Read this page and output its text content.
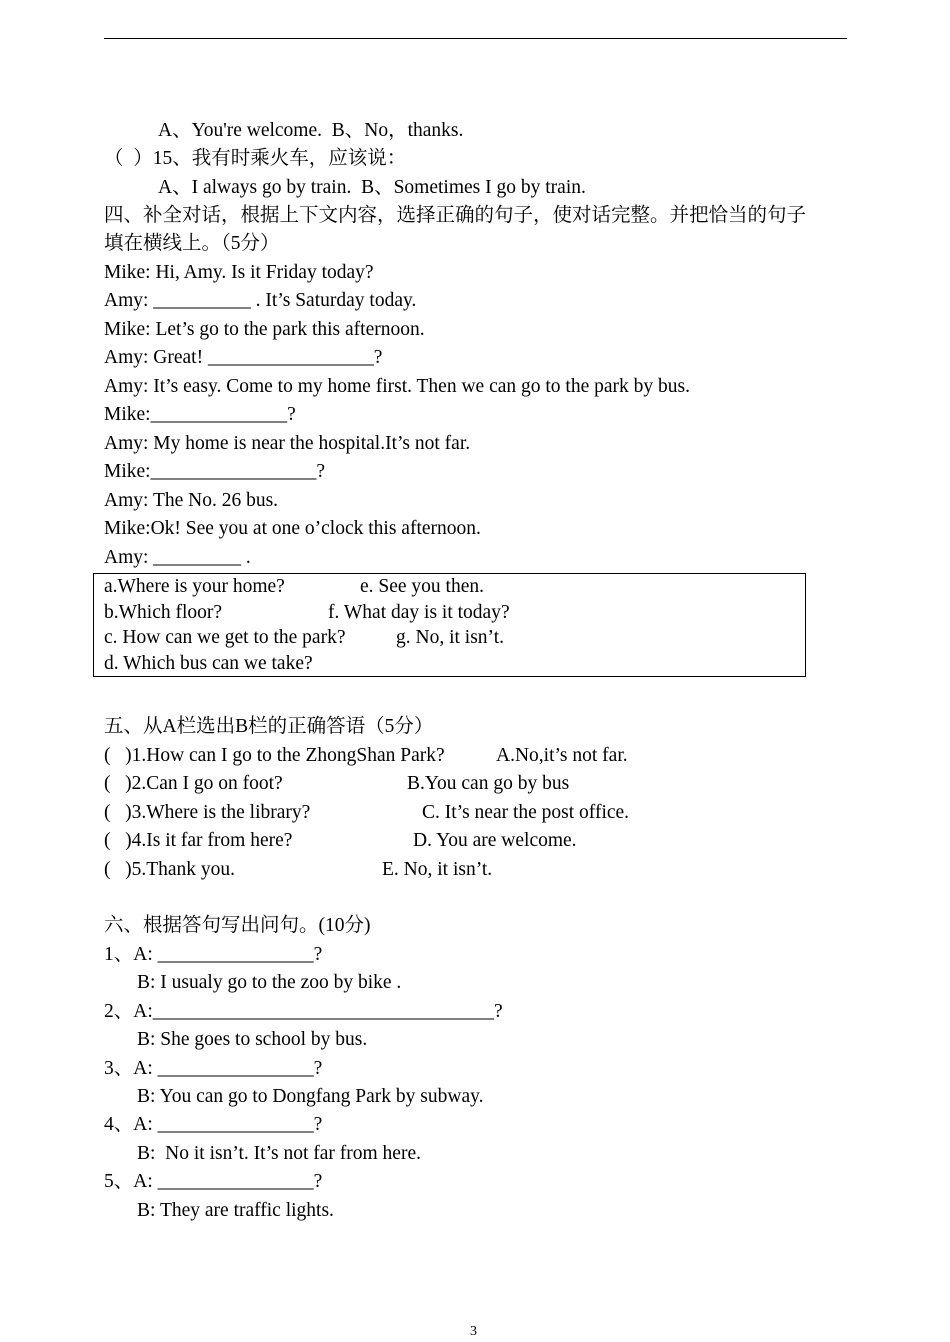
A、You're welcome.  B、No，thanks.
（  ）15、我有时乘火车，应该说：
A、I always go by train.  B、Sometimes I go by train.
四、补全对话，根据上下文内容，选择正确的句子，使对话完整。并把恰当的句子
填在横线上。（5分）
Mike: Hi, Amy. Is it Friday today?
Amy: __________ . It’s Saturday today.
Mike: Let’s go to the park this afternoon.
Amy: Great! _________________?
Amy: It’s easy. Come to my home first. Then we can go to the park by bus.
Mike:______________?
Amy: My home is near the hospital.It’s not far.
Mike:_________________?
Amy: The No. 26 bus.
Mike:Ok! See you at one o’clock this afternoon.
Amy: _________ .
a.Where is your home?	e. See you then.
b.Which floor?	f. What day is it today?
c. How can we get to the park?	g. No, it isn’t.
d. Which bus can we take?
五、从A栏选出B栏的正确答语（5分）
(   )1.How can I go to the ZhongShan Park?	A.No,it’s not far.
(   )2.Can I go on foot?	B.You can go by bus
(   )3.Where is the library?	C. It’s near the post office.
(   )4.Is it far from here?	D. You are welcome.
(   )5.Thank you.	E. No, it isn’t.
六、根据答句写出问句。(10分)
1、A: ________________?
B: I usualy go to the zoo by bike .
2、A:___________________________________?
B: She goes to school by bus.
3、A: ________________?
B: You can go to Dongfang Park by subway.
4、A: ________________?
B:  No it isn’t. It’s not far from here.
5、A: ________________?
B: They are traffic lights.
3
